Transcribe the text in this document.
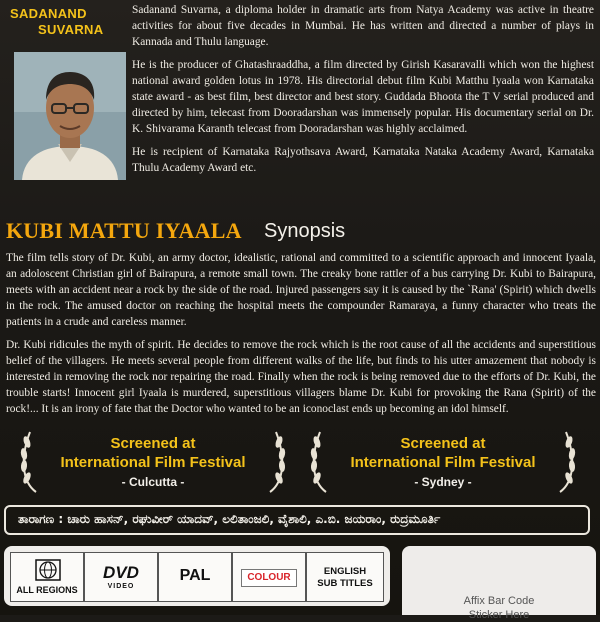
SADANAND
SUVARNA

Sadanand Suvarna, a diploma holder in dramatic arts from Natya Academy was active in theatre activities for about five decades in Mumbai. He has written and directed a number of plays in Kannada and Thulu language.

He is the producer of Ghatashraaddha, a film directed by Girish Kasaravalli which won the highest national award golden lotus in 1978. His directorial debut film Kubi Matthu Iyaala won Karnataka state award - as best film, best director and best story. Guddada Bhoota the T V serial produced and directed by him, telecast from Dooradarshan was immensely popular. His documentary serial on Dr. K. Shivarama Karanth telecast from Dooradarshan was highly acclaimed.

He is recipient of Karnataka Rajyothsava Award, Karnataka Nataka Academy Award, Karnataka Thulu Academy Award etc.

KUBI MATTU IYAALA Synopsis

The film tells story of Dr. Kubi, an army doctor, idealistic, rational and committed to a scientific approach and innocent Iyaala, an adoloscent Christian girl of Bairapura, a remote small town. The creaky bone rattler of a bus carrying Dr. Kubi to Bairapura, meets with an accident near a rock by the side of the road. Injured passengers say it is caused by the `Rana' (Spirit) which dwells in the rock. The amused doctor on reaching the hospital meets the compounder Ramaraya, a funny character who treats the patients in a crude and careless manner.

Dr. Kubi ridicules the myth of spirit. He decides to remove the rock which is the root cause of all the accidents and superstitious belief of the villagers. He meets several people from different walks of the life, but finds to his utter amazement that nobody is interested in removing the rock nor repairing the road. Finally when the rock is being removed due to the efforts of Dr. Kubi, the trouble starts! Innocent girl Iyaala is murdered, superstitious villagers blame Dr. Kubi for provoking the Rana (Spirit) of the rock!... It is an irony of fate that the Doctor who wanted to be an iconoclast ends up becoming an idol himself.

Screened at
International Film Festival
- Culcutta -
Screened at
International Film Festival
- Sydney -
ತಾರಾಗಣ : ಚಾರು ಹಾಸನ್, ರಘುವೀರ್ ಯಾದವ್, ಲಲಿತಾಂಜಲಿ, ವೈಶಾಲಿ, ಎ.ಬಿ. ಜಯರಾಂ, ರುದ್ರಮೂರ್ತಿ
ALL REGIONS
DVD
VIDEO
PAL	COLOUR
ENGLISH
SUB TITLES
Affix Bar Code
Sticker Here
